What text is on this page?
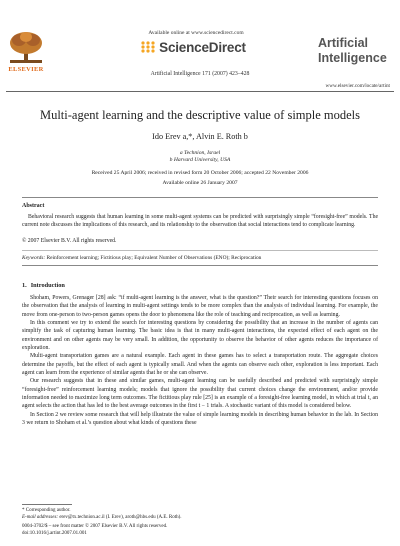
ELSEVIER
Available online at www.sciencedirect.com
ScienceDirect
Artificial Intelligence 171 (2007) 423–428
Artificial
Intelligence
www.elsevier.com/locate/artint
Multi-agent learning and the descriptive value of simple models
Ido Erev a,*, Alvin E. Roth b
a Technion, Israel
b Harvard University, USA
Received 25 April 2006; received in revised form 20 October 2006; accepted 22 November 2006
Available online 26 January 2007
Abstract
Behavioral research suggests that human learning in some multi-agent systems can be predicted with surprisingly simple “foresight-free” models. The current note discusses the implications of this research, and its relationship to the observation that social interactions tend to complicate learning.
© 2007 Elsevier B.V. All rights reserved.
Keywords: Reinforcement learning; Fictitious play; Equivalent Number of Observations (ENO); Reciprocation
1. Introduction

Shoham, Powers, Grenager [28] ask: “if multi-agent learning is the answer, what is the question?” Their search for interesting questions focuses on the observation that the analysis of learning in multi-agent settings tends to be more complex than the analysis of individual learning. For example, the move from one-person to two-person games opens the door to phenomena like the role of teaching and reciprocation, as well as learning.

In this comment we try to extend the search for interesting questions by considering the possibility that an increase in the number of agents can simplify the task of capturing human learning. The basic idea is that in many multi-agent interactions, the expected effect of each agent on the environment and on other agents may be very small. In addition, the opportunity to observe the behavior of other agents reduces the importance of exploration.

Multi-agent transportation games are a natural example. Each agent in these games has to select a transportation route. The aggregate choices determine the payoffs, but the effect of each agent is typically small. And when the agents can observe each other, exploration is less important. Each agent can learn from the experience of similar agents that he or she can observe.

Our research suggests that in these and similar games, multi-agent learning can be usefully described and predicted with surprisingly simple “foresight-free” reinforcement learning models; models that ignore the possibility that current choices change the environment, and/or provide information needed to maximize long term outcomes. The fictitious play rule [25] is an example of a foresight-free learning model, in which at trial t, an agent selects the action that has led to the best average outcomes in the first t − 1 trials. A stochastic variant of this model is considered below.

In Section 2 we review some research that will help illustrate the value of simple learning models in describing human behavior in the lab. In Section 3 we return to Shoham et al.’s question about what kinds of questions these

* Corresponding author.
E-mail addresses: erev@tx.technion.ac.il (I. Erev), aroth@hbs.edu (A.E. Roth).
0004-3702/$ – see front matter © 2007 Elsevier B.V. All rights reserved.
doi:10.1016/j.artint.2007.01.001
